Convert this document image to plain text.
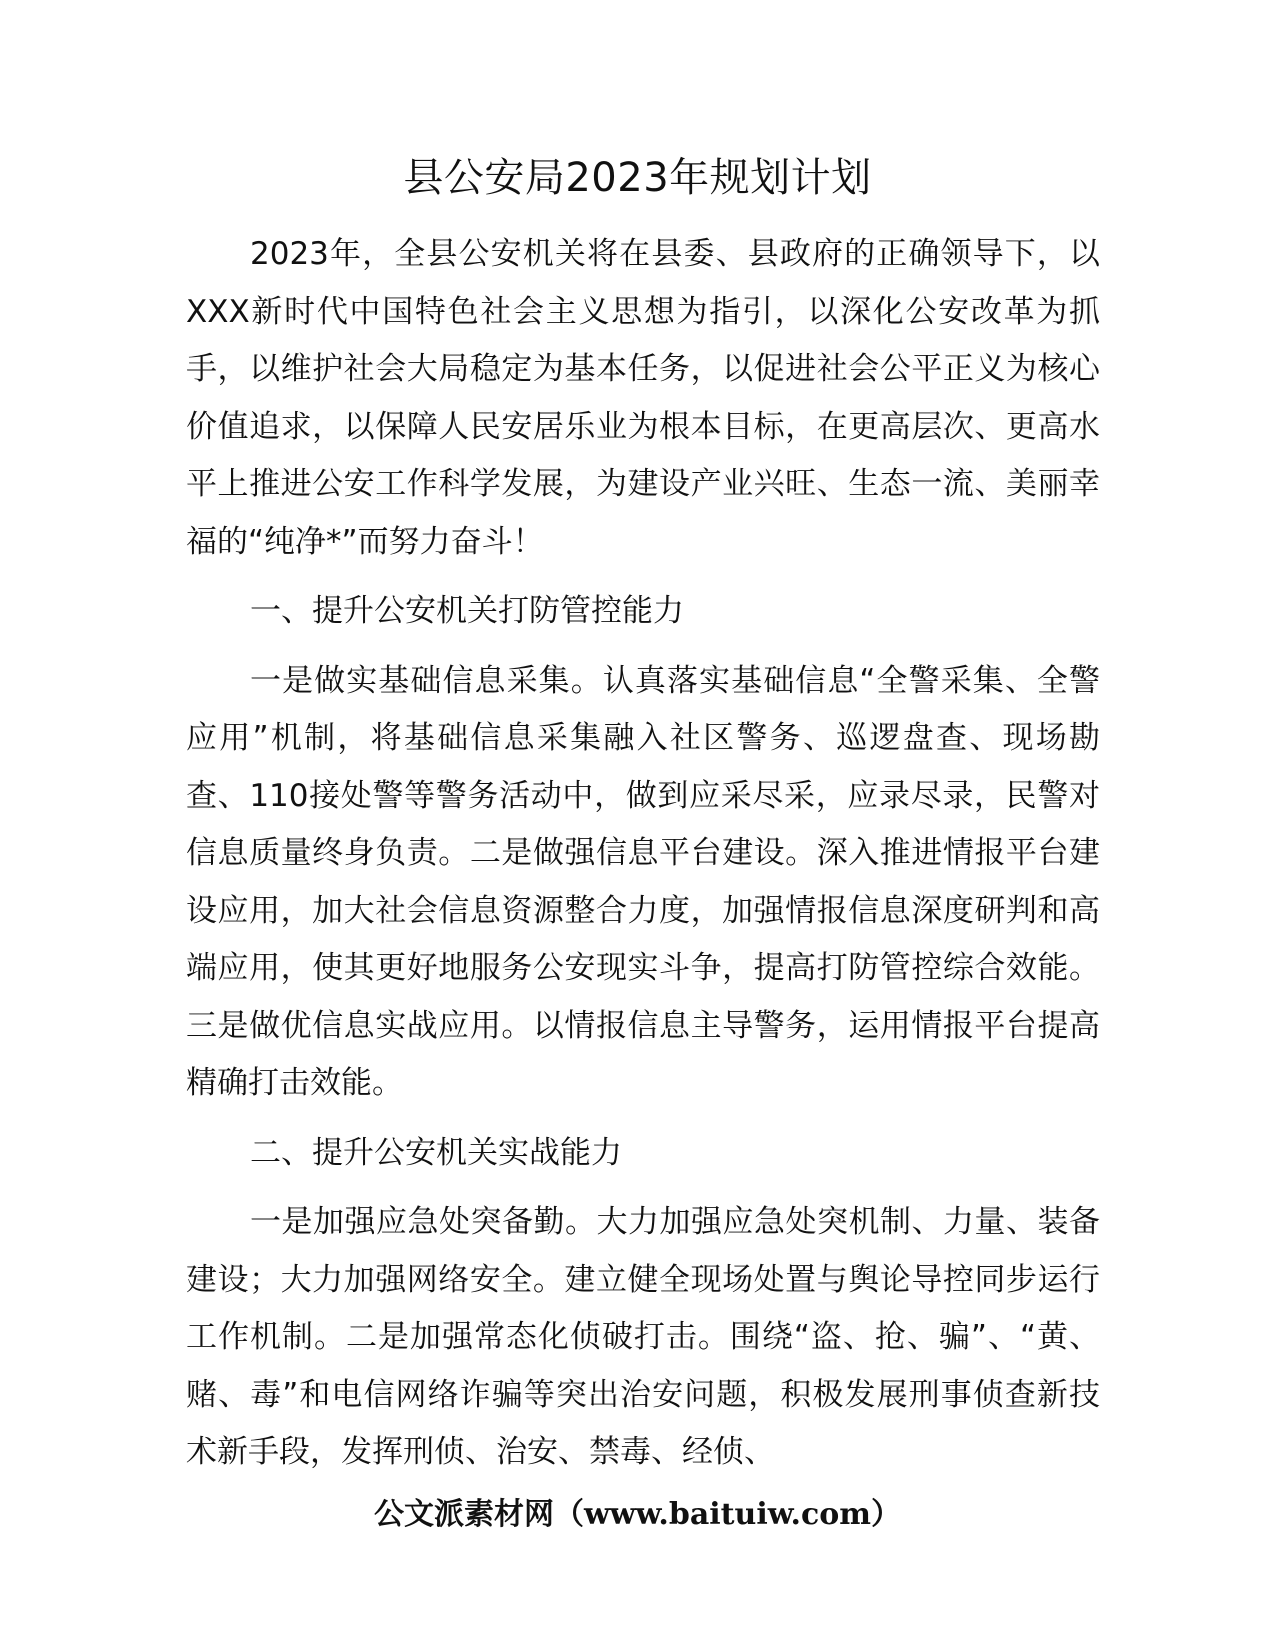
县公安局2023年规划计划

2023年，全县公安机关将在县委、县政府的正确领导下，以XXX新时代中国特色社会主义思想为指引，以深化公安改革为抓手，以维护社会大局稳定为基本任务，以促进社会公平正义为核心价值追求，以保障人民安居乐业为根本目标，在更高层次、更高水平上推进公安工作科学发展，为建设产业兴旺、生态一流、美丽幸福的“纯净*”而努力奋斗！

一、提升公安机关打防管控能力

一是做实基础信息采集。认真落实基础信息“全警采集、全警应用”机制，将基础信息采集融入社区警务、巡逻盘查、现场勘查、110接处警等警务活动中，做到应采尽采，应录尽录，民警对信息质量终身负责。二是做强信息平台建设。深入推进情报平台建设应用，加大社会信息资源整合力度，加强情报信息深度研判和高端应用，使其更好地服务公安现实斗争，提高打防管控综合效能。三是做优信息实战应用。以情报信息主导警务，运用情报平台提高精确打击效能。

二、提升公安机关实战能力

一是加强应急处突备勤。大力加强应急处突机制、力量、装备建设；大力加强网络安全。建立健全现场处置与舆论导控同步运行工作机制。二是加强常态化侦破打击。围绕“盗、抢、骗”、“黄、赌、毒”和电信网络诈骗等突出治安问题，积极发展刑事侦查新技术新手段，发挥刑侦、治安、禁毒、经侦、

公文派素材网（www.baituiw.com）
